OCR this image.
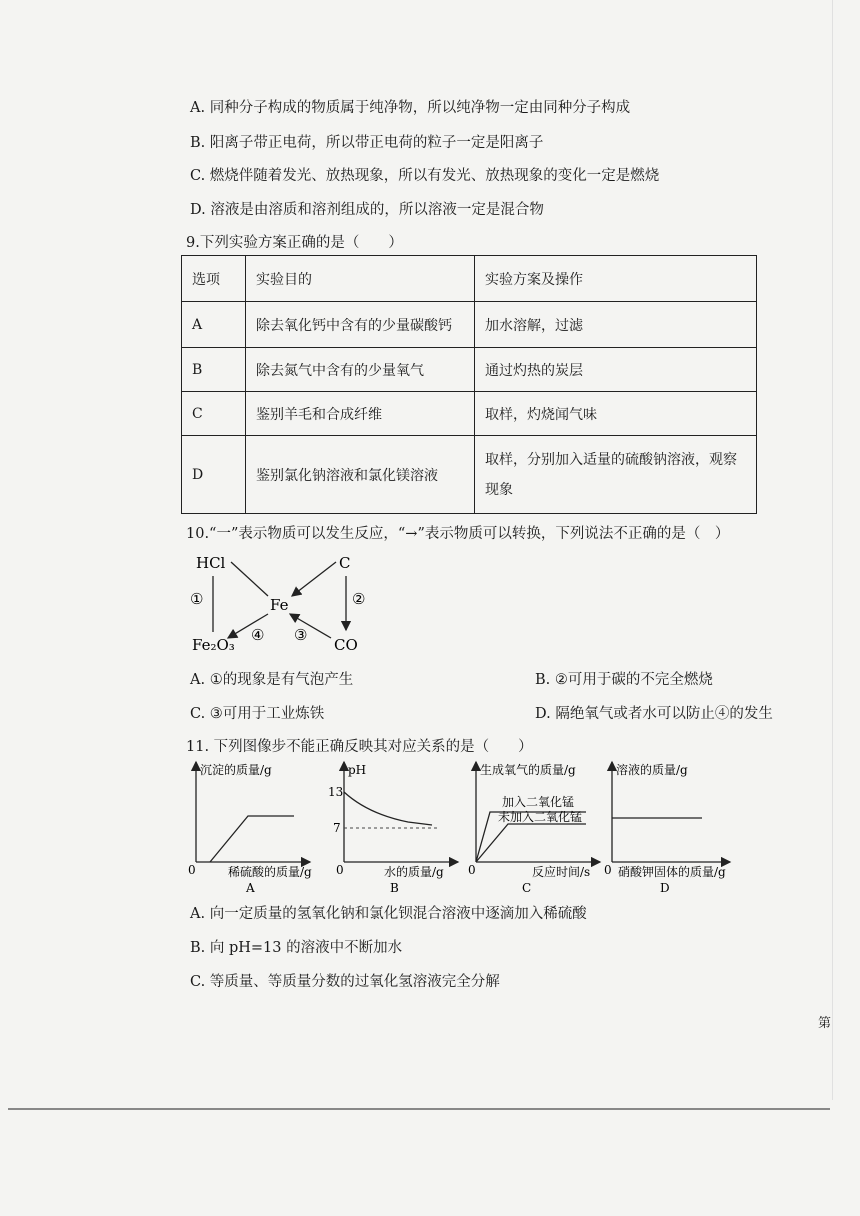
A. 同种分子构成的物质属于纯净物，所以纯净物一定由同种分子构成
B. 阳离子带正电荷，所以带正电荷的粒子一定是阳离子
C. 燃烧伴随着发光、放热现象，所以有发光、放热现象的变化一定是燃烧
D. 溶液是由溶质和溶剂组成的，所以溶液一定是混合物
9.下列实验方案正确的是（　　）
选项	实验目的	实验方案及操作
A	除去氧化钙中含有的少量碳酸钙	加水溶解，过滤
B	除去氮气中含有的少量氧气	通过灼热的炭层
C	鉴别羊毛和合成纤维	取样，灼烧闻气味
D	鉴别氯化钠溶液和氯化镁溶液	取样，分别加入适量的硫酸钠溶液，观察现象
10.“一”表示物质可以发生反应，“→”表示物质可以转换，下列说法不正确的是（　）
HCl	C
Fe
Fe₂O₃	CO
①	②
③
④
A. ①的现象是有气泡产生	B. ②可用于碳的不完全燃烧
C. ③可用于工业炼铁	D. 隔绝氧气或者水可以防止④的发生
11. 下列图像步不能正确反映其对应关系的是（　　）
沉淀的质量/g
0	稀硫酸的质量/g
A
pH
13
7
0	水的质量/g
B
生成氧气的质量/g
加入二氧化锰
未加入二氧化锰
0	反应时间/s
C
溶液的质量/g
0 硝酸钾固体的质量/g
D
A. 向一定质量的氢氧化钠和氯化钡混合溶液中逐滴加入稀硫酸
B. 向 pH=13 的溶液中不断加水
C. 等质量、等质量分数的过氧化氢溶液完全分解
第
